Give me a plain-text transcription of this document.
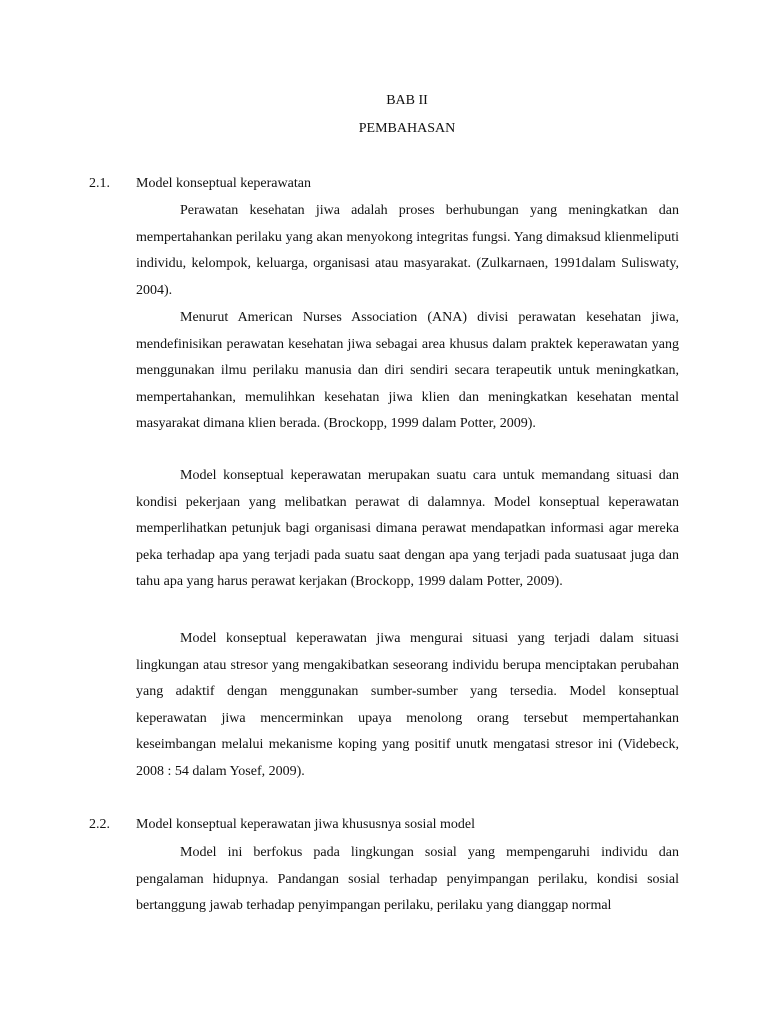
BAB II
PEMBAHASAN
2.1. Model konseptual keperawatan

Perawatan kesehatan jiwa adalah proses berhubungan yang meningkatkan dan mempertahankan perilaku yang akan menyokong integritas fungsi. Yang dimaksud klienmeliputi individu, kelompok, keluarga, organisasi atau masyarakat. (Zulkarnaen, 1991dalam Suliswaty, 2004).

Menurut American Nurses Association (ANA) divisi perawatan kesehatan jiwa, mendefinisikan perawatan kesehatan jiwa sebagai area khusus dalam praktek keperawatan yang menggunakan ilmu perilaku manusia dan diri sendiri secara terapeutik untuk meningkatkan, mempertahankan, memulihkan kesehatan jiwa klien dan meningkatkan kesehatan mental masyarakat dimana klien berada. (Brockopp, 1999 dalam Potter, 2009).

Model konseptual keperawatan merupakan suatu cara untuk memandang situasi dan kondisi pekerjaan yang melibatkan perawat di dalamnya. Model konseptual keperawatan memperlihatkan petunjuk bagi organisasi dimana perawat mendapatkan informasi agar mereka peka terhadap apa yang terjadi pada suatu saat dengan apa yang terjadi pada suatusaat juga dan tahu apa yang harus perawat kerjakan (Brockopp, 1999 dalam Potter, 2009).

Model konseptual keperawatan jiwa mengurai situasi yang terjadi dalam situasi lingkungan atau stresor yang mengakibatkan seseorang individu berupa menciptakan perubahan yang adaktif dengan menggunakan sumber-sumber yang tersedia. Model konseptual keperawatan jiwa mencerminkan upaya menolong orang tersebut mempertahankan keseimbangan melalui mekanisme koping yang positif unutk mengatasi stresor ini (Videbeck, 2008 : 54 dalam Yosef, 2009).

2.2. Model konseptual keperawatan jiwa khususnya sosial model

Model ini berfokus pada lingkungan sosial yang mempengaruhi individu dan pengalaman hidupnya. Pandangan sosial terhadap penyimpangan perilaku, kondisi sosial bertanggung jawab terhadap penyimpangan perilaku, perilaku yang dianggap normal
